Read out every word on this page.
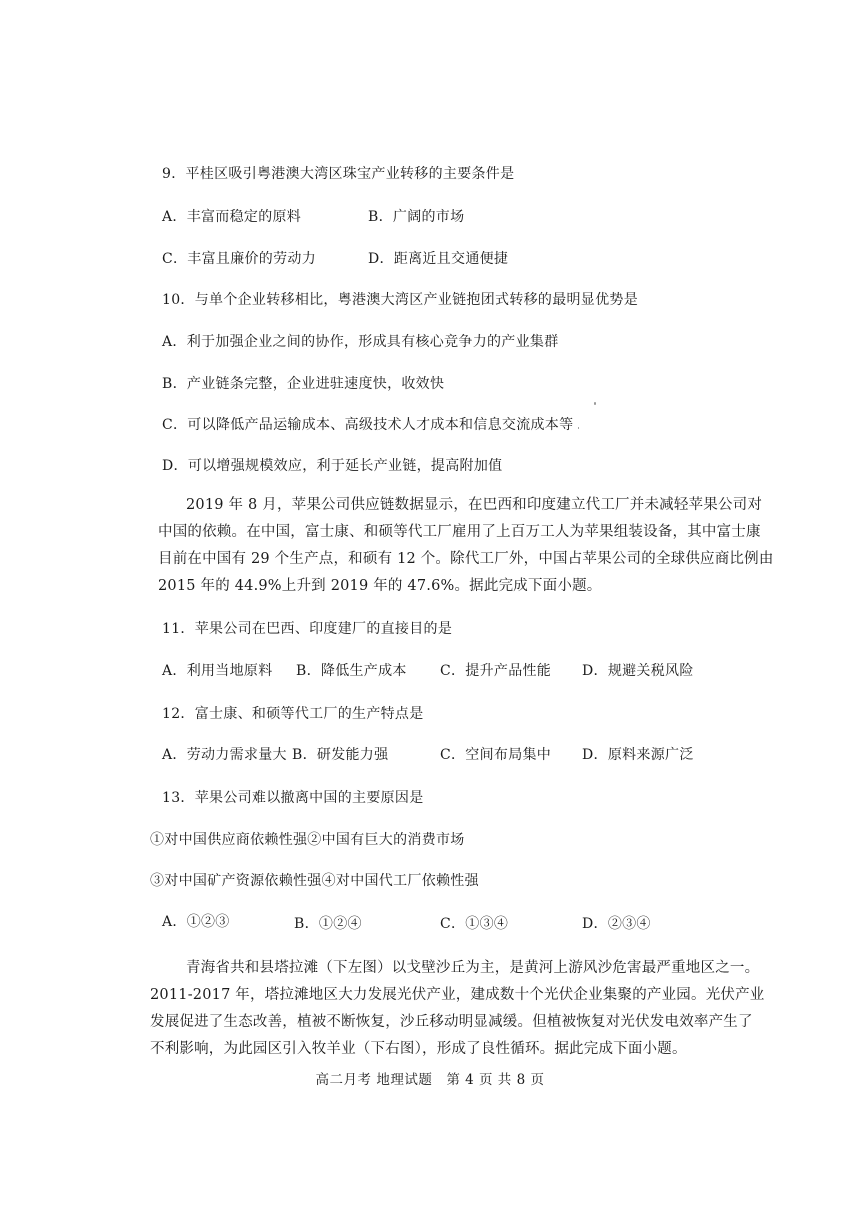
9．平桂区吸引粤港澳大湾区珠宝产业转移的主要条件是
A．丰富而稳定的原料	B．广阔的市场
C．丰富且廉价的劳动力	D．距离近且交通便捷
10．与单个企业转移相比，粤港澳大湾区产业链抱团式转移的最明显优势是
A．利于加强企业之间的协作，形成具有核心竞争力的产业集群
B．产业链条完整，企业进驻速度快，收效快
C．可以降低产品运输成本、高级技术人才成本和信息交流成本等
D．可以增强规模效应，利于延长产业链，提高附加值
2019 年 8 月，苹果公司供应链数据显示，在巴西和印度建立代工厂并未减轻苹果公司对
中国的依赖。在中国，富士康、和硕等代工厂雇用了上百万工人为苹果组装设备，其中富士康
目前在中国有 29 个生产点，和硕有 12 个。除代工厂外，中国占苹果公司的全球供应商比例由
2015 年的 44.9%上升到 2019 年的 47.6%。据此完成下面小题。
11．苹果公司在巴西、印度建厂的直接目的是
A．利用当地原料 B．降低生产成本 C．提升产品性能 D．规避关税风险
12．富士康、和硕等代工厂的生产特点是
A．劳动力需求量大 B．研发能力强	C．空间布局集中 D．原料来源广泛
13．苹果公司难以撤离中国的主要原因是
①对中国供应商依赖性强②中国有巨大的消费市场
③对中国矿产资源依赖性强④对中国代工厂依赖性强
A．①②③	B．①②④	C．①③④	D．②③④
青海省共和县塔拉滩（下左图）以戈壁沙丘为主，是黄河上游风沙危害最严重地区之一。
2011-2017 年，塔拉滩地区大力发展光伏产业，建成数十个光伏企业集聚的产业园。光伏产业
发展促进了生态改善，植被不断恢复，沙丘移动明显减缓。但植被恢复对光伏发电效率产生了
不利影响，为此园区引入牧羊业（下右图），形成了良性循环。据此完成下面小题。
高二月考 地理试题　第 4 页 共 8 页
